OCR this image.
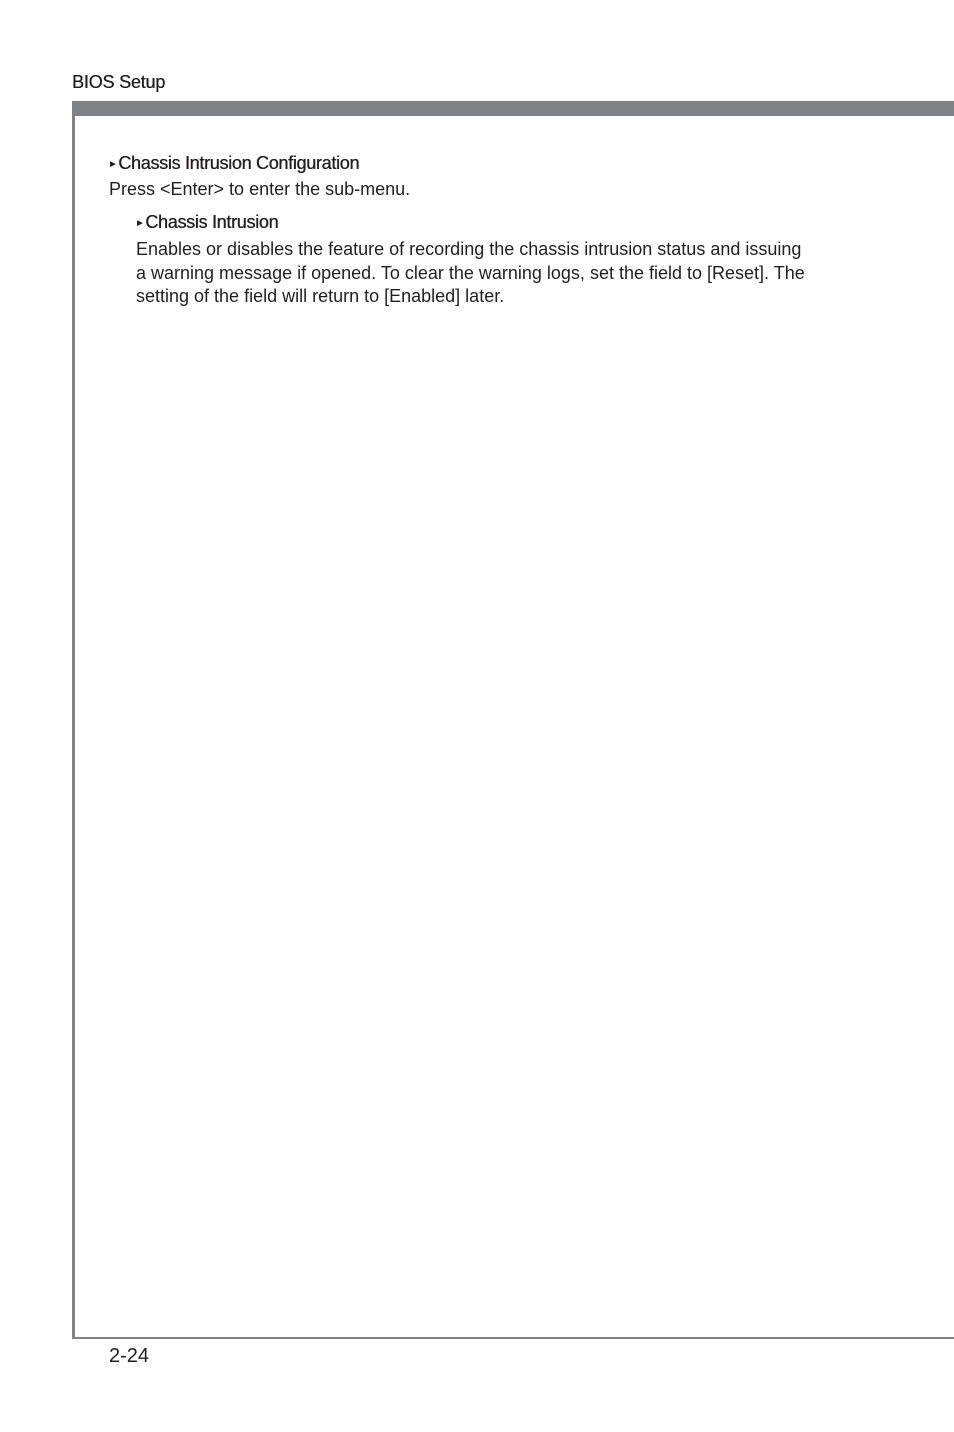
BIOS Setup
▸ Chassis Intrusion Configuration
Press <Enter> to enter the sub-menu.
▸ Chassis Intrusion
Enables or disables the feature of recording the chassis intrusion status and issuing
a warning message if opened. To clear the warning logs, set the field to [Reset]. The
setting of the field will return to [Enabled] later.
2-24
